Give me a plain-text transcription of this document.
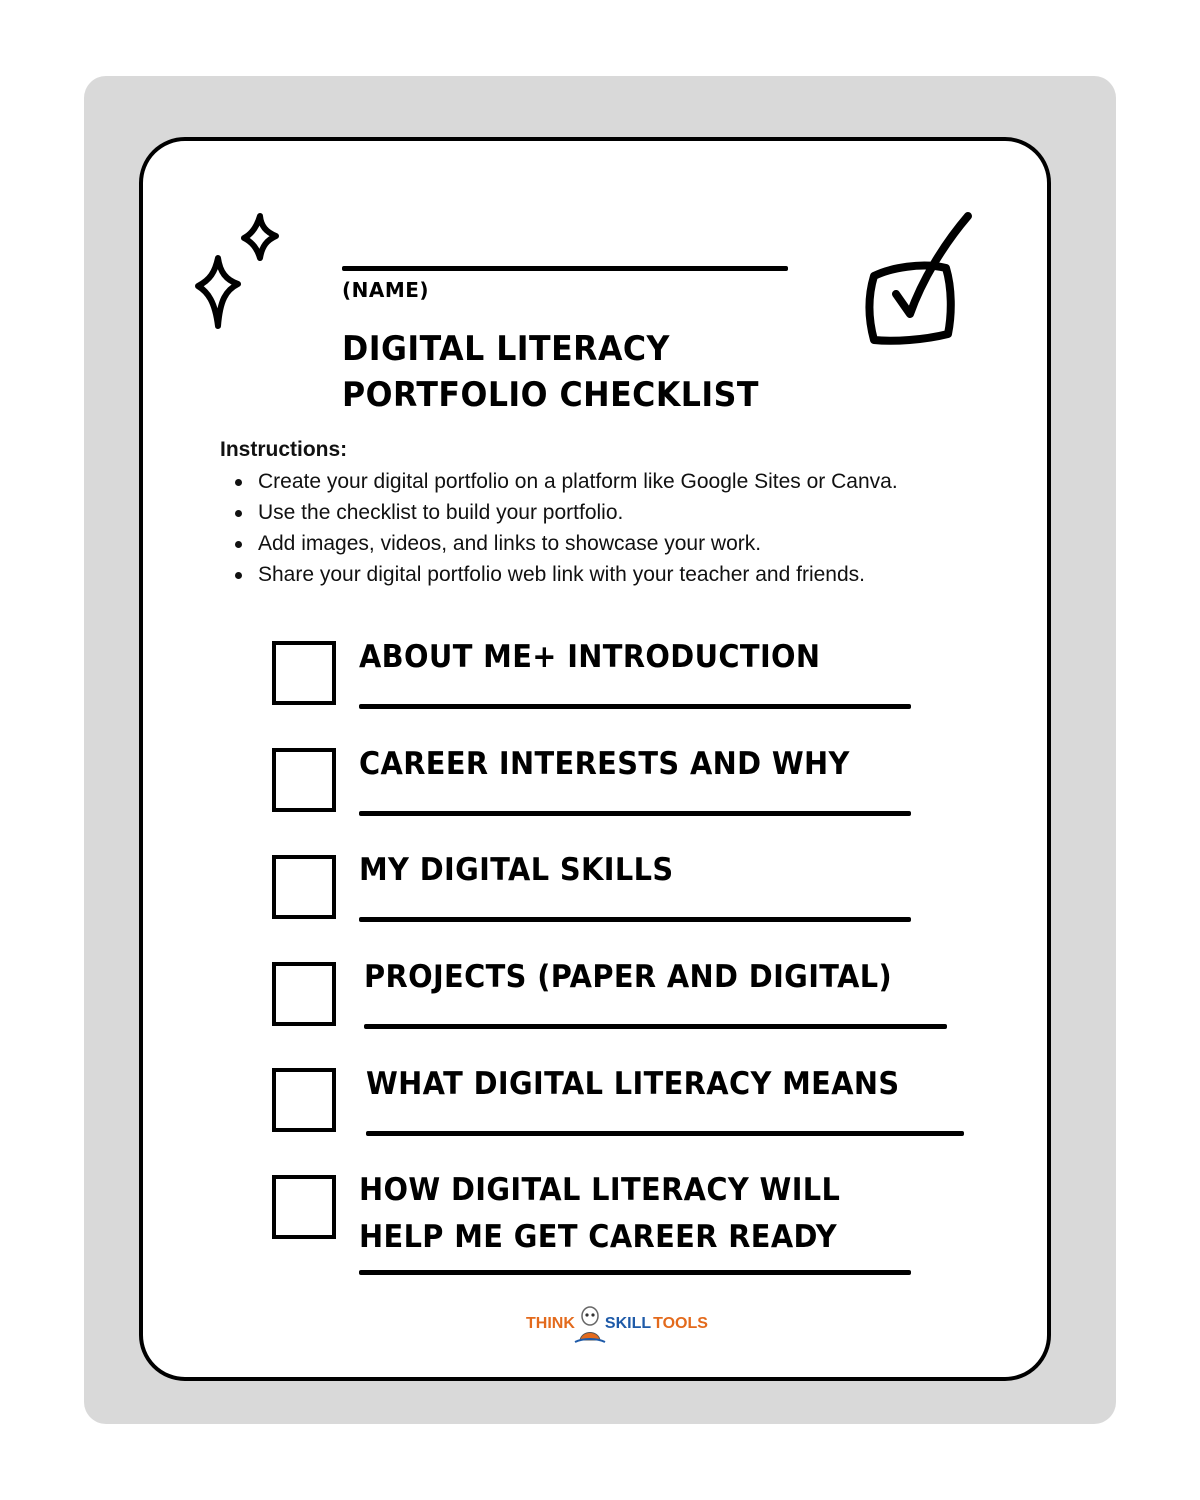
(NAME)
DIGITAL LITERACY
PORTFOLIO CHECKLIST
Instructions:
Create your digital portfolio on a platform like Google Sites or Canva.
Use the checklist to build your portfolio.
Add images, videos, and links to showcase your work.
Share your digital portfolio web link with your teacher and friends.
ABOUT ME+ INTRODUCTION
CAREER INTERESTS AND WHY
MY DIGITAL SKILLS
PROJECTS (PAPER AND DIGITAL)
WHAT DIGITAL LITERACY MEANS
HOW DIGITAL LITERACY WILL
HELP ME GET CAREER READY
THINK SKILL TOOLS
